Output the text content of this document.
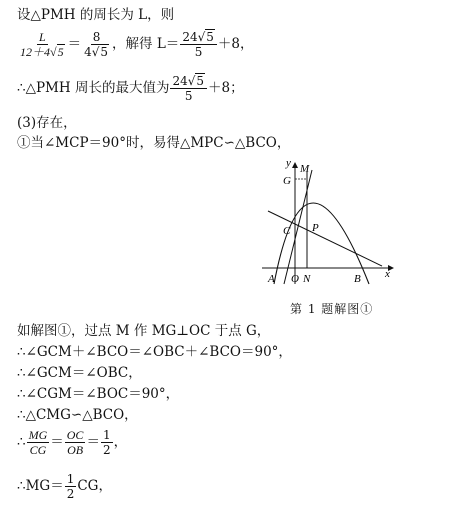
设△PMH 的周长为 L，则
$\frac{L}{12+4√5} = \frac{8}{4√5}$ ，解得 $L= \frac{24√5}{5} +8$，
∴△PMH 周长的最大值为 $\frac{24√5}{5} +8$；
(3)存在，
①当∠MCP＝90°时，易得△MPC∽△BCO，
y
x
M
G
C P
A O N	B
第 1 题解图①
如解图①，过点 M 作 MG⊥OC 于点 G，
∴∠GCM＋∠BCO＝∠OBC＋∠BCO＝90°，
∴∠GCM＝∠OBC，
∴∠CGM＝∠BOC＝90°，
∴△CMG∽△BCO，
∴ $\frac{MG}{CG} = \frac{OC}{OB} = \frac{1}{2}$ ，
∴MG＝ $\frac{1}{2}$ CG，
